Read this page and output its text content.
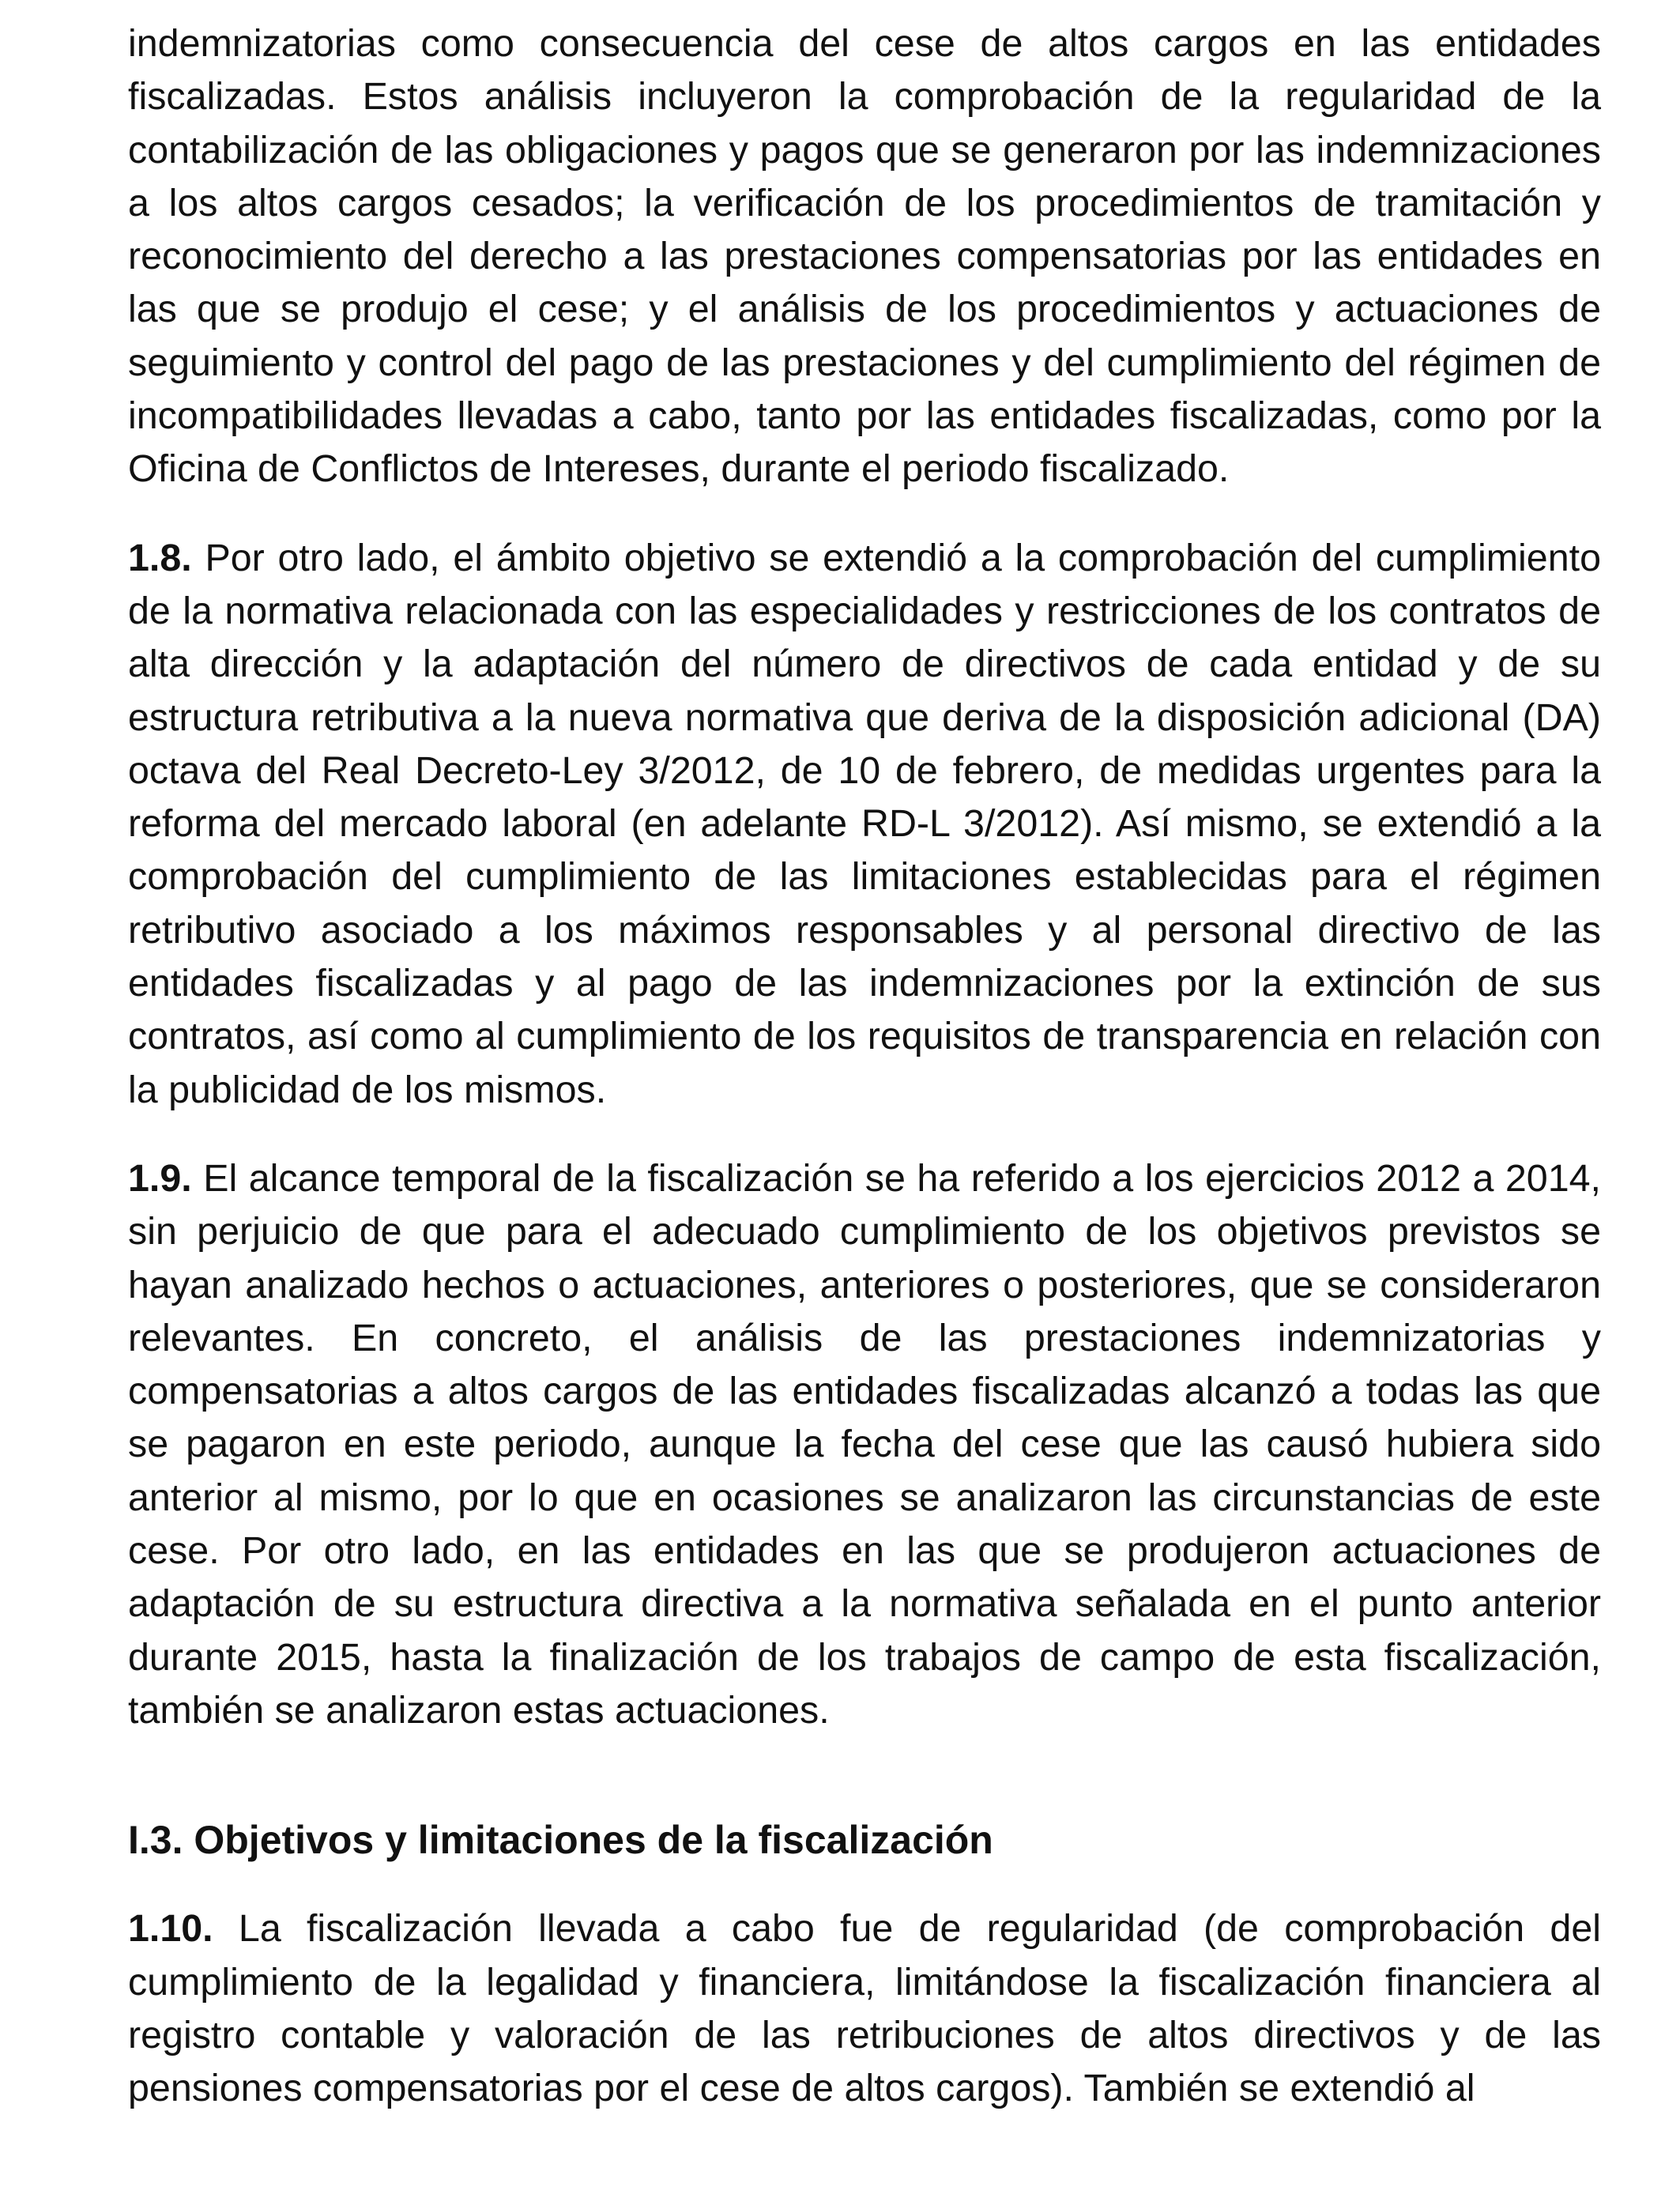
indemnizatorias como consecuencia del cese de altos cargos en las entidades fiscalizadas. Estos análisis incluyeron la comprobación de la regularidad de la contabilización de las obligaciones y pagos que se generaron por las indemnizaciones a los altos cargos cesados; la verificación de los procedimientos de tramitación y reconocimiento del derecho a las prestaciones compensatorias por las entidades en las que se produjo el cese; y el análisis de los procedimientos y actuaciones de seguimiento y control del pago de las prestaciones y del cumplimiento del régimen de incompatibilidades llevadas a cabo, tanto por las entidades fiscalizadas, como por la Oficina de Conflictos de Intereses, durante el periodo fiscalizado.

1.8. Por otro lado, el ámbito objetivo se extendió a la comprobación del cumplimiento de la normativa relacionada con las especialidades y restricciones de los contratos de alta dirección y la adaptación del número de directivos de cada entidad y de su estructura retributiva a la nueva normativa que deriva de la disposición adicional (DA) octava del Real Decreto-Ley 3/2012, de 10 de febrero, de medidas urgentes para la reforma del mercado laboral (en adelante RD-L 3/2012). Así mismo, se extendió a la comprobación del cumplimiento de las limitaciones establecidas para el régimen retributivo asociado a los máximos responsables y al personal directivo de las entidades fiscalizadas y al pago de las indemnizaciones por la extinción de sus contratos, así como al cumplimiento de los requisitos de transparencia en relación con la publicidad de los mismos.

1.9. El alcance temporal de la fiscalización se ha referido a los ejercicios 2012 a 2014, sin perjuicio de que para el adecuado cumplimiento de los objetivos previstos se hayan analizado hechos o actuaciones, anteriores o posteriores, que se consideraron relevantes. En concreto, el análisis de las prestaciones indemnizatorias y compensatorias a altos cargos de las entidades fiscalizadas alcanzó a todas las que se pagaron en este periodo, aunque la fecha del cese que las causó hubiera sido anterior al mismo, por lo que en ocasiones se analizaron las circunstancias de este cese. Por otro lado, en las entidades en las que se produjeron actuaciones de adaptación de su estructura directiva a la normativa señalada en el punto anterior durante 2015, hasta la finalización de los trabajos de campo de esta fiscalización, también se analizaron estas actuaciones.

I.3. Objetivos y limitaciones de la fiscalización

1.10. La fiscalización llevada a cabo fue de regularidad (de comprobación del cumplimiento de la legalidad y financiera, limitándose la fiscalización financiera al registro contable y valoración de las retribuciones de altos directivos y de las pensiones compensatorias por el cese de altos cargos). También se extendió al
